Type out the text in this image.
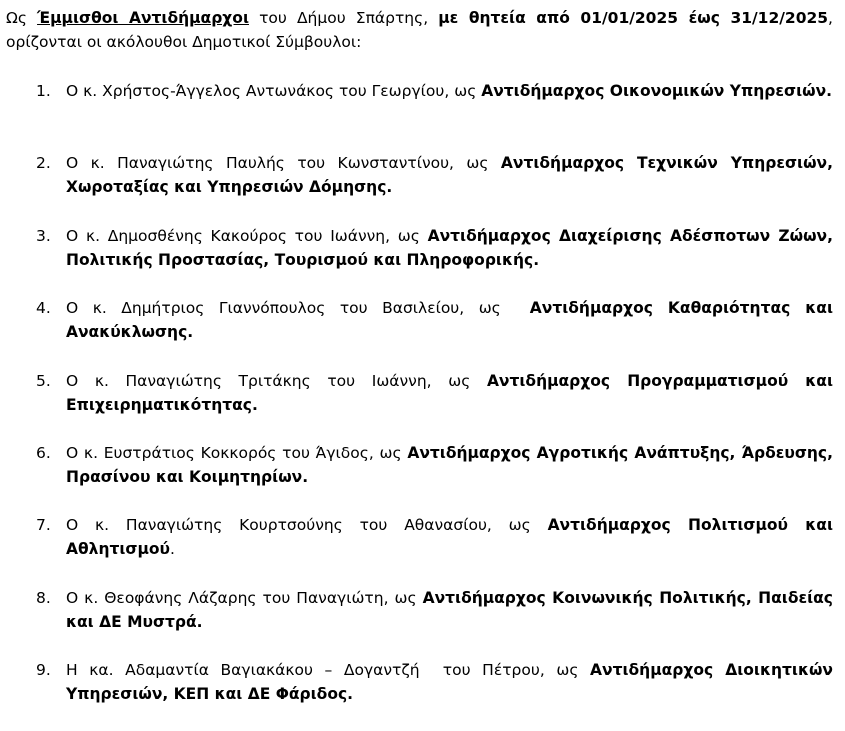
Ως Έμμισθοι Αντιδήμαρχοι του Δήμου Σπάρτης, με θητεία από 01/01/2025 έως 31/12/2025, ορίζονται οι ακόλουθοι Δημοτικοί Σύμβουλοι:

1. Ο κ. Χρήστος-Άγγελος Αντωνάκος του Γεωργίου, ως Αντιδήμαρχος Οικονομικών Υπηρεσιών.
2. Ο κ. Παναγιώτης Παυλής του Κωνσταντίνου, ως Αντιδήμαρχος Τεχνικών Υπηρεσιών, Χωροταξίας και Υπηρεσιών Δόμησης.
3. Ο κ. Δημοσθένης Κακούρος του Ιωάννη, ως Αντιδήμαρχος Διαχείρισης Αδέσποτων Ζώων, Πολιτικής Προστασίας, Τουρισμού και Πληροφορικής.
4. Ο κ. Δημήτριος Γιαννόπουλος του Βασιλείου, ως  Αντιδήμαρχος Καθαριότητας και Ανακύκλωσης.
5. Ο κ. Παναγιώτης Τριτάκης του Ιωάννη, ως Αντιδήμαρχος Προγραμματισμού και Επιχειρηματικότητας.
6. Ο κ. Ευστράτιος Κοκκορός του Άγιδος, ως Αντιδήμαρχος Αγροτικής Ανάπτυξης, Άρδευσης, Πρασίνου και Κοιμητηρίων.
7. Ο κ. Παναγιώτης Κουρτσούνης του Αθανασίου, ως Αντιδήμαρχος Πολιτισμού και Αθλητισμού.
8. Ο κ. Θεοφάνης Λάζαρης του Παναγιώτη, ως Αντιδήμαρχος Κοινωνικής Πολιτικής, Παιδείας και ΔΕ Μυστρά.
9. Η κα. Αδαμαντία Βαγιακάκου – Δογαντζή  του Πέτρου, ως Αντιδήμαρχος Διοικητικών Υπηρεσιών, ΚΕΠ και ΔΕ Φάριδος.
